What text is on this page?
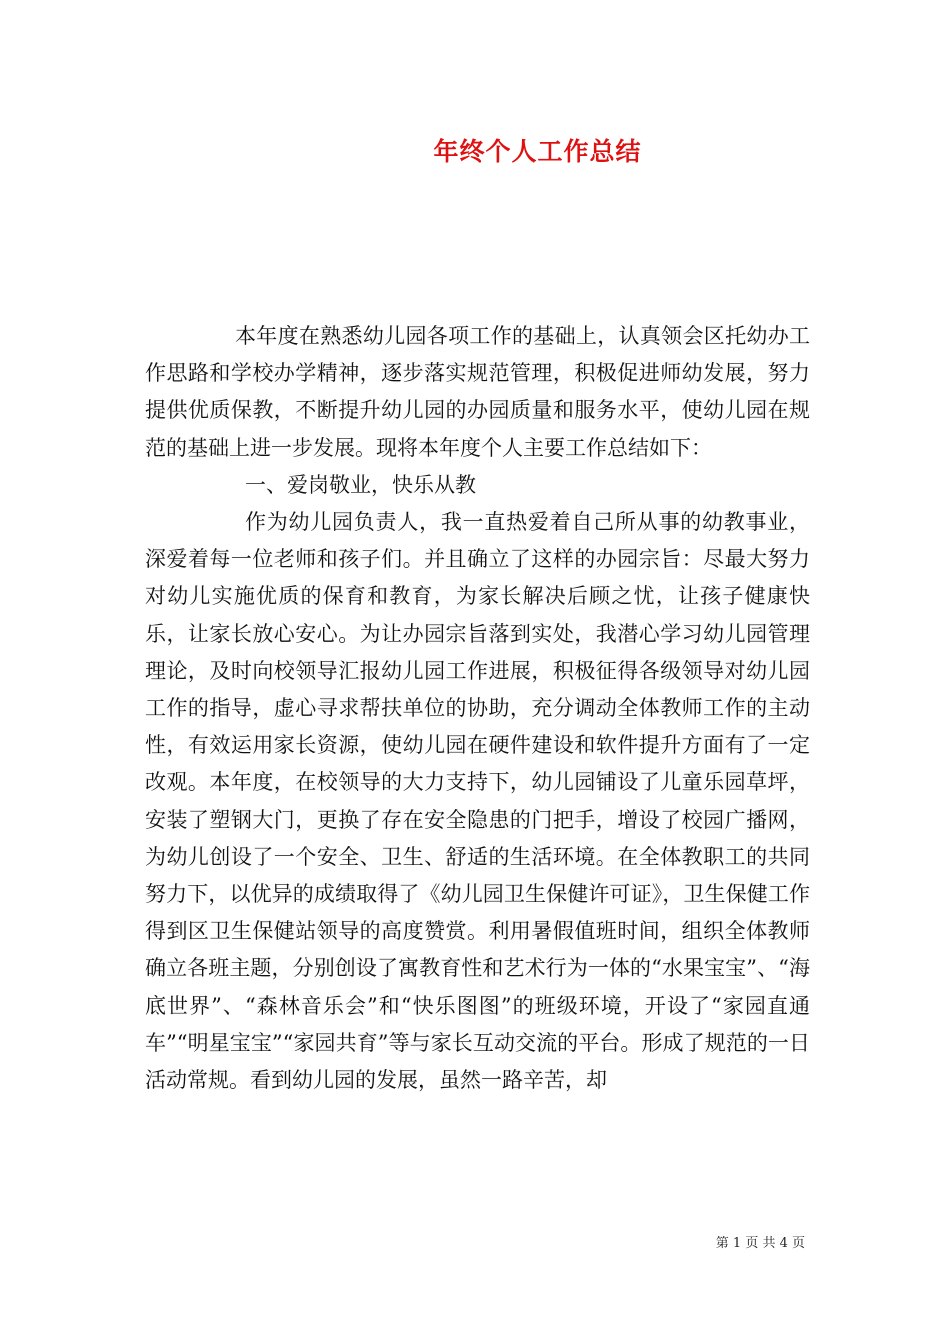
年终个人工作总结

本年度在熟悉幼儿园各项工作的基础上，认真领会区托幼办工作思路和学校办学精神，逐步落实规范管理，积极促进师幼发展，努力提供优质保教，不断提升幼儿园的办园质量和服务水平，使幼儿园在规范的基础上进一步发展。现将本年度个人主要工作总结如下：

一、爱岗敬业，快乐从教

作为幼儿园负责人，我一直热爱着自己所从事的幼教事业，深爱着每一位老师和孩子们。并且确立了这样的办园宗旨：尽最大努力对幼儿实施优质的保育和教育，为家长解决后顾之忧，让孩子健康快乐，让家长放心安心。为让办园宗旨落到实处，我潜心学习幼儿园管理理论，及时向校领导汇报幼儿园工作进展，积极征得各级领导对幼儿园工作的指导，虚心寻求帮扶单位的协助，充分调动全体教师工作的主动性，有效运用家长资源，使幼儿园在硬件建设和软件提升方面有了一定改观。本年度，在校领导的大力支持下，幼儿园铺设了儿童乐园草坪，安装了塑钢大门，更换了存在安全隐患的门把手，增设了校园广播网，为幼儿创设了一个安全、卫生、舒适的生活环境。在全体教职工的共同努力下，以优异的成绩取得了《幼儿园卫生保健许可证》，卫生保健工作得到区卫生保健站领导的高度赞赏。利用暑假值班时间，组织全体教师确立各班主题，分别创设了寓教育性和艺术行为一体的“水果宝宝”、“海底世界”、“森林音乐会”和“快乐图图”的班级环境，开设了“家园直通车”“明星宝宝”“家园共育”等与家长互动交流的平台。形成了规范的一日活动常规。看到幼儿园的发展，虽然一路辛苦，却

第 1 页 共 4 页
